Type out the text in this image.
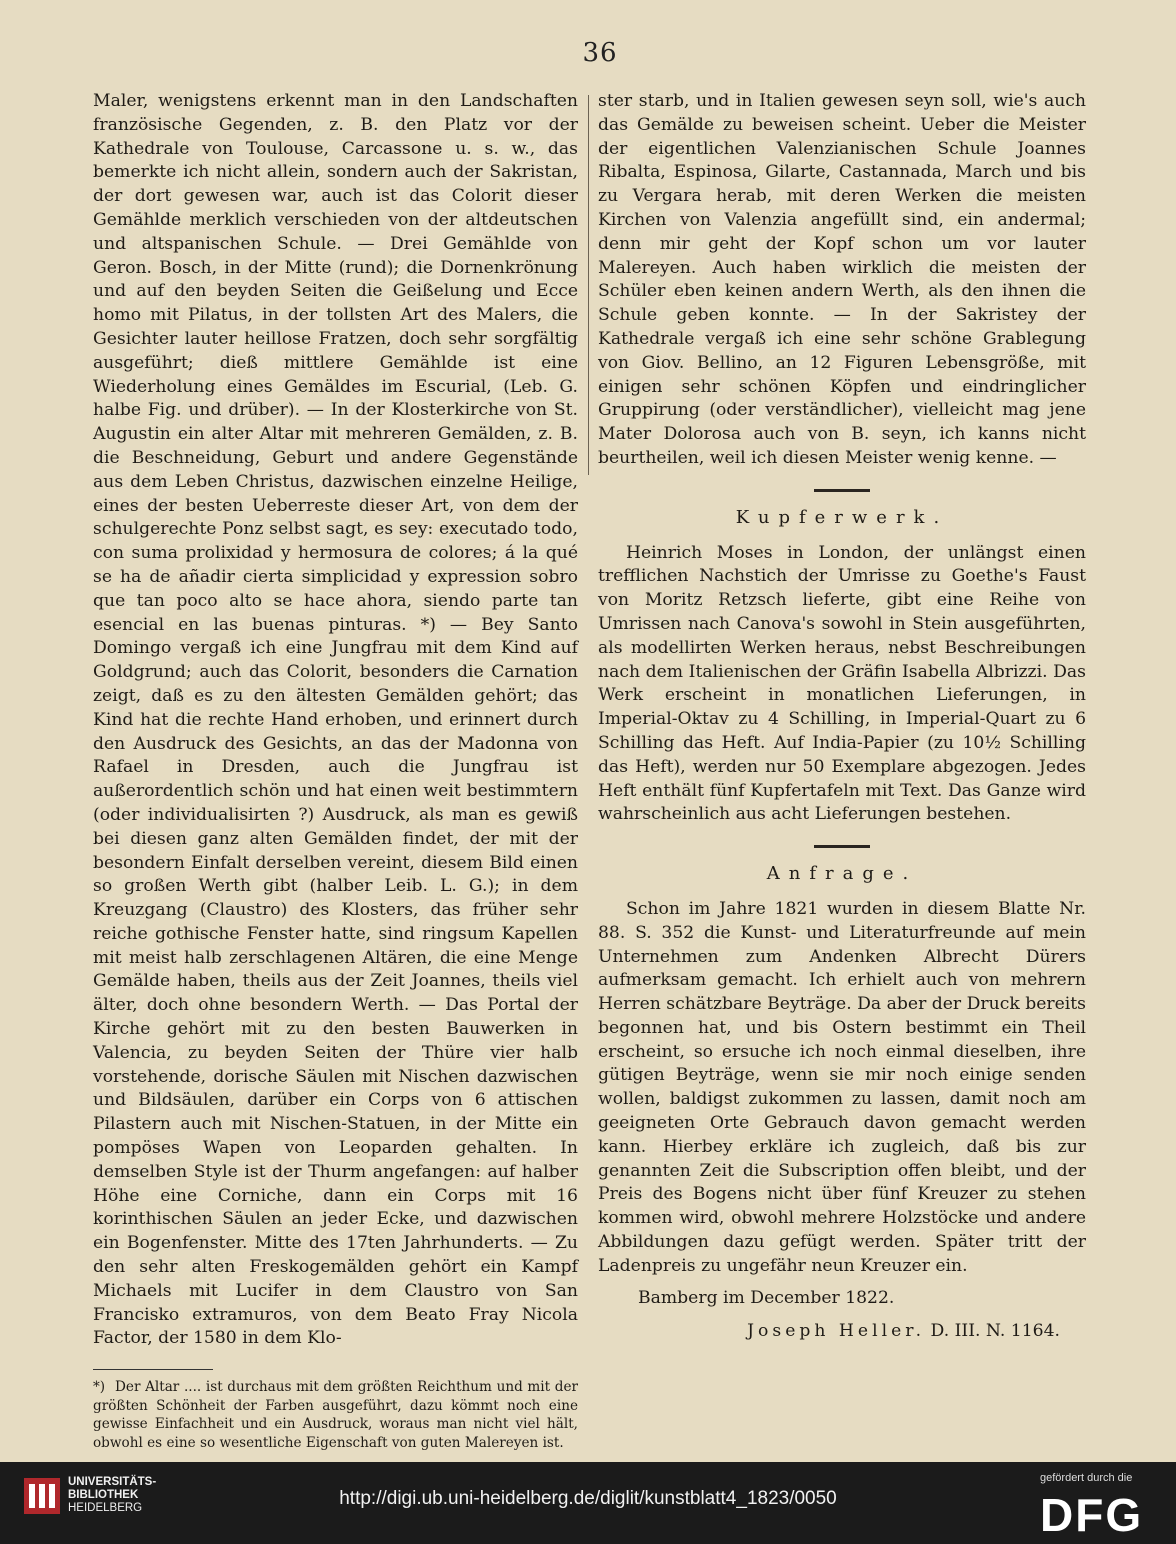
36

Maler, wenigstens erkennt man in den Landschaften französische Gegenden, z. B. den Platz vor der Kathedrale von Toulouse, Carcassone u. s. w., das bemerkte ich nicht allein, sondern auch der Sakristan, der dort gewesen war, auch ist das Colorit dieser Gemählde merklich verschieden von der altdeutschen und altspanischen Schule. — Drei Gemählde von Geron. Bosch, in der Mitte (rund); die Dornenkrönung und auf den beyden Seiten die Geißelung und Ecce homo mit Pilatus, in der tollsten Art des Malers, die Gesichter lauter heillose Fratzen, doch sehr sorgfältig ausgeführt; dieß mittlere Gemählde ist eine Wiederholung eines Gemäldes im Escurial, (Leb. G. halbe Fig. und drüber). — In der Klosterkirche von St. Augustin ein alter Altar mit mehreren Gemälden, z. B. die Beschneidung, Geburt und andere Gegenstände aus dem Leben Christus, dazwischen einzelne Heilige, eines der besten Ueberreste dieser Art, von dem der schulgerechte Ponz selbst sagt, es sey: executado todo, con suma prolixidad y hermosura de colores; á la qué se ha de añadir cierta simplicidad y expression sobro que tan poco alto se hace ahora, siendo parte tan esencial en las buenas pinturas. *) — Bey Santo Domingo vergaß ich eine Jungfrau mit dem Kind auf Goldgrund; auch das Colorit, besonders die Carnation zeigt, daß es zu den ältesten Gemälden gehört; das Kind hat die rechte Hand erhoben, und erinnert durch den Ausdruck des Gesichts, an das der Madonna von Rafael in Dresden, auch die Jungfrau ist außerordentlich schön und hat einen weit bestimmtern (oder individualisirten ?) Ausdruck, als man es gewiß bei diesen ganz alten Gemälden findet, der mit der besondern Einfalt derselben vereint, diesem Bild einen so großen Werth gibt (halber Leib. L. G.); in dem Kreuzgang (Claustro) des Klosters, das früher sehr reiche gothische Fenster hatte, sind ringsum Kapellen mit meist halb zerschlagenen Altären, die eine Menge Gemälde haben, theils aus der Zeit Joannes, theils viel älter, doch ohne besondern Werth. — Das Portal der Kirche gehört mit zu den besten Bauwerken in Valencia, zu beyden Seiten der Thüre vier halb vorstehende, dorische Säulen mit Nischen dazwischen und Bildsäulen, darüber ein Corps von 6 attischen Pilastern auch mit Nischen-Statuen, in der Mitte ein pompöses Wapen von Leoparden gehalten. In demselben Style ist der Thurm angefangen: auf halber Höhe eine Corniche, dann ein Corps mit 16 korinthischen Säulen an jeder Ecke, und dazwischen ein Bogenfenster. Mitte des 17ten Jahrhunderts. — Zu den sehr alten Freskogemälden gehört ein Kampf Michaels mit Lucifer in dem Claustro von San Francisko extramuros, von dem Beato Fray Nicola Factor, der 1580 in dem Klo-

*) Der Altar .... ist durchaus mit dem größten Reichthum und mit der größten Schönheit der Farben ausgeführt, dazu kömmt noch eine gewisse Einfachheit und ein Ausdruck, woraus man nicht viel hält, obwohl es eine so wesentliche Eigenschaft von guten Malereyen ist.

ster starb, und in Italien gewesen seyn soll, wie's auch das Gemälde zu beweisen scheint. Ueber die Meister der eigentlichen Valenzianischen Schule Joannes Ribalta, Espinosa, Gilarte, Castannada, March und bis zu Vergara herab, mit deren Werken die meisten Kirchen von Valenzia angefüllt sind, ein andermal; denn mir geht der Kopf schon um vor lauter Malereyen. Auch haben wirklich die meisten der Schüler eben keinen andern Werth, als den ihnen die Schule geben konnte. — In der Sakristey der Kathedrale vergaß ich eine sehr schöne Grablegung von Giov. Bellino, an 12 Figuren Lebensgröße, mit einigen sehr schönen Köpfen und eindringlicher Gruppirung (oder verständlicher), vielleicht mag jene Mater Dolorosa auch von B. seyn, ich kanns nicht beurtheilen, weil ich diesen Meister wenig kenne. —

Kupferwerk.

Heinrich Moses in London, der unlängst einen trefflichen Nachstich der Umrisse zu Goethe's Faust von Moritz Retzsch lieferte, gibt eine Reihe von Umrissen nach Canova's sowohl in Stein ausgeführten, als modellirten Werken heraus, nebst Beschreibungen nach dem Italienischen der Gräfin Isabella Albrizzi. Das Werk erscheint in monatlichen Lieferungen, in Imperial-Oktav zu 4 Schilling, in Imperial-Quart zu 6 Schilling das Heft. Auf India-Papier (zu 10½ Schilling das Heft), werden nur 50 Exemplare abgezogen. Jedes Heft enthält fünf Kupfertafeln mit Text. Das Ganze wird wahrscheinlich aus acht Lieferungen bestehen.

Anfrage.

Schon im Jahre 1821 wurden in diesem Blatte Nr. 88. S. 352 die Kunst- und Literaturfreunde auf mein Unternehmen zum Andenken Albrecht Dürers aufmerksam gemacht. Ich erhielt auch von mehrern Herren schätzbare Beyträge. Da aber der Druck bereits begonnen hat, und bis Ostern bestimmt ein Theil erscheint, so ersuche ich noch einmal dieselben, ihre gütigen Beyträge, wenn sie mir noch einige senden wollen, baldigst zukommen zu lassen, damit noch am geeigneten Orte Gebrauch davon gemacht werden kann. Hierbey erkläre ich zugleich, daß bis zur genannten Zeit die Subscription offen bleibt, und der Preis des Bogens nicht über fünf Kreuzer zu stehen kommen wird, obwohl mehrere Holzstöcke und andere Abbildungen dazu gefügt werden. Später tritt der Ladenpreis zu ungefähr neun Kreuzer ein.

Bamberg im December 1822.

Joseph Heller. D. III. N. 1164.

UNIVERSITÄTS-
BIBLIOTHEK
HEIDELBERG	http://digi.ub.uni-heidelberg.de/diglit/kunstblatt4_1823/0050
gefördert durch die
DFG
